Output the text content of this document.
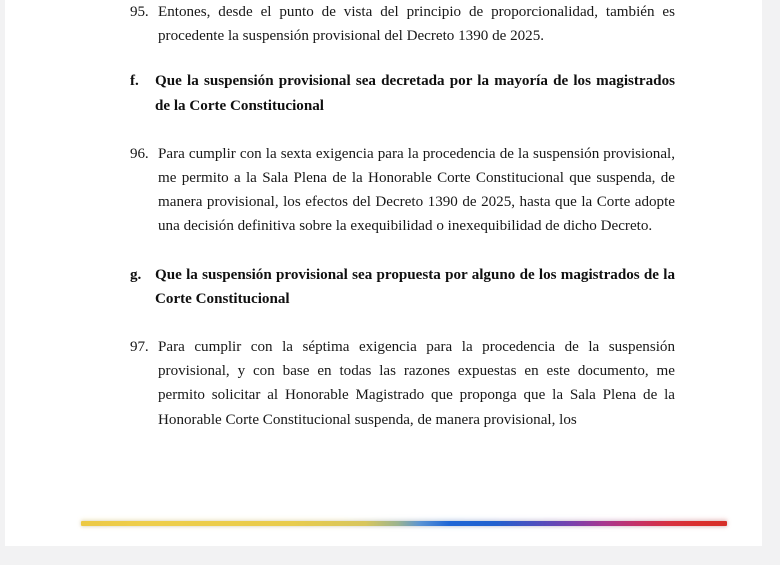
95. Entones, desde el punto de vista del principio de proporcionalidad, también es procedente la suspensión provisional del Decreto 1390 de 2025.
f.	Que la suspensión provisional sea decretada por la mayoría de los magistrados de la Corte Constitucional
96. Para cumplir con la sexta exigencia para la procedencia de la suspensión provisional, me permito a la Sala Plena de la Honorable Corte Constitucional que suspenda, de manera provisional, los efectos del Decreto 1390 de 2025, hasta que la Corte adopte una decisión definitiva sobre la exequibilidad o inexequibilidad de dicho Decreto.
g. Que la suspensión provisional sea propuesta por alguno de los magistrados de la Corte Constitucional
97. Para cumplir con la séptima exigencia para la procedencia de la suspensión provisional, y con base en todas las razones expuestas en este documento, me permito solicitar al Honorable Magistrado que proponga que la Sala Plena de la Honorable Corte Constitucional suspenda, de manera provisional, los
